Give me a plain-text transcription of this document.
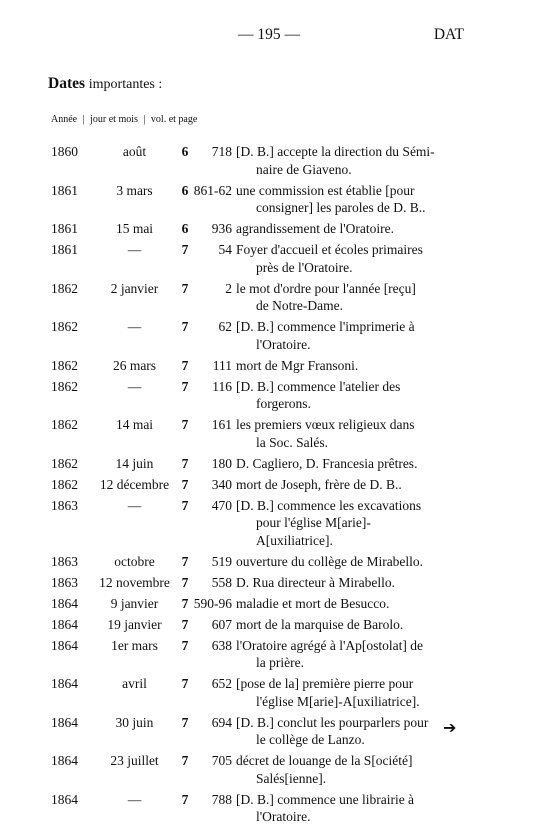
— 195 —	DAT
Dates importantes :
Année | jour et mois | vol. et page
1860	août	6	718	[D. B.] accepte la direction du Sémi-
naire de Giaveno.

1861	3 mars	6	861-62	une commission est établie [pour
consigner] les paroles de D. B..

1861	15 mai	6	936	agrandissement de l'Oratoire.

1861	—	7	54	Foyer d'accueil et écoles primaires
près de l'Oratoire.

1862	2 janvier	7	2	le mot d'ordre pour l'année [reçu]
de Notre-Dame.

1862	—	7	62	[D. B.] commence l'imprimerie à
l'Oratoire.

1862	26 mars	7	111	mort de Mgr Fransoni.

1862	—	7	116	[D. B.] commence l'atelier des
forgerons.

1862	14 mai	7	161	les premiers vœux religieux dans
la Soc. Salés.

1862	14 juin	7	180	D. Cagliero, D. Francesia prêtres.

1862	12 décembre	7	340	mort de Joseph, frère de D. B..

1863	—	7	470	[D. B.] commence les excavations
pour l'église M[arie]-A[uxiliatrice].

1863	octobre	7	519	ouverture du collège de Mirabello.

1863	12 novembre	7	558	D. Rua directeur à Mirabello.

1864	9 janvier	7	590-96	maladie et mort de Besucco.

1864	19 janvier	7	607	mort de la marquise de Barolo.

1864	1er mars	7	638	l'Oratoire agrégé à l'Ap[ostolat] de
la prière.

1864	avril	7	652	[pose de la] première pierre pour
l'église M[arie]-A[uxiliatrice].

1864	30 juin	7	694	[D. B.] conclut les pourparlers pour
le collège de Lanzo.

1864	23 juillet	7	705	décret de louange de la S[ociété]
Salés[ienne].

1864	—	7	788	[D. B.] commence une librairie à
l'Oratoire.
➔
